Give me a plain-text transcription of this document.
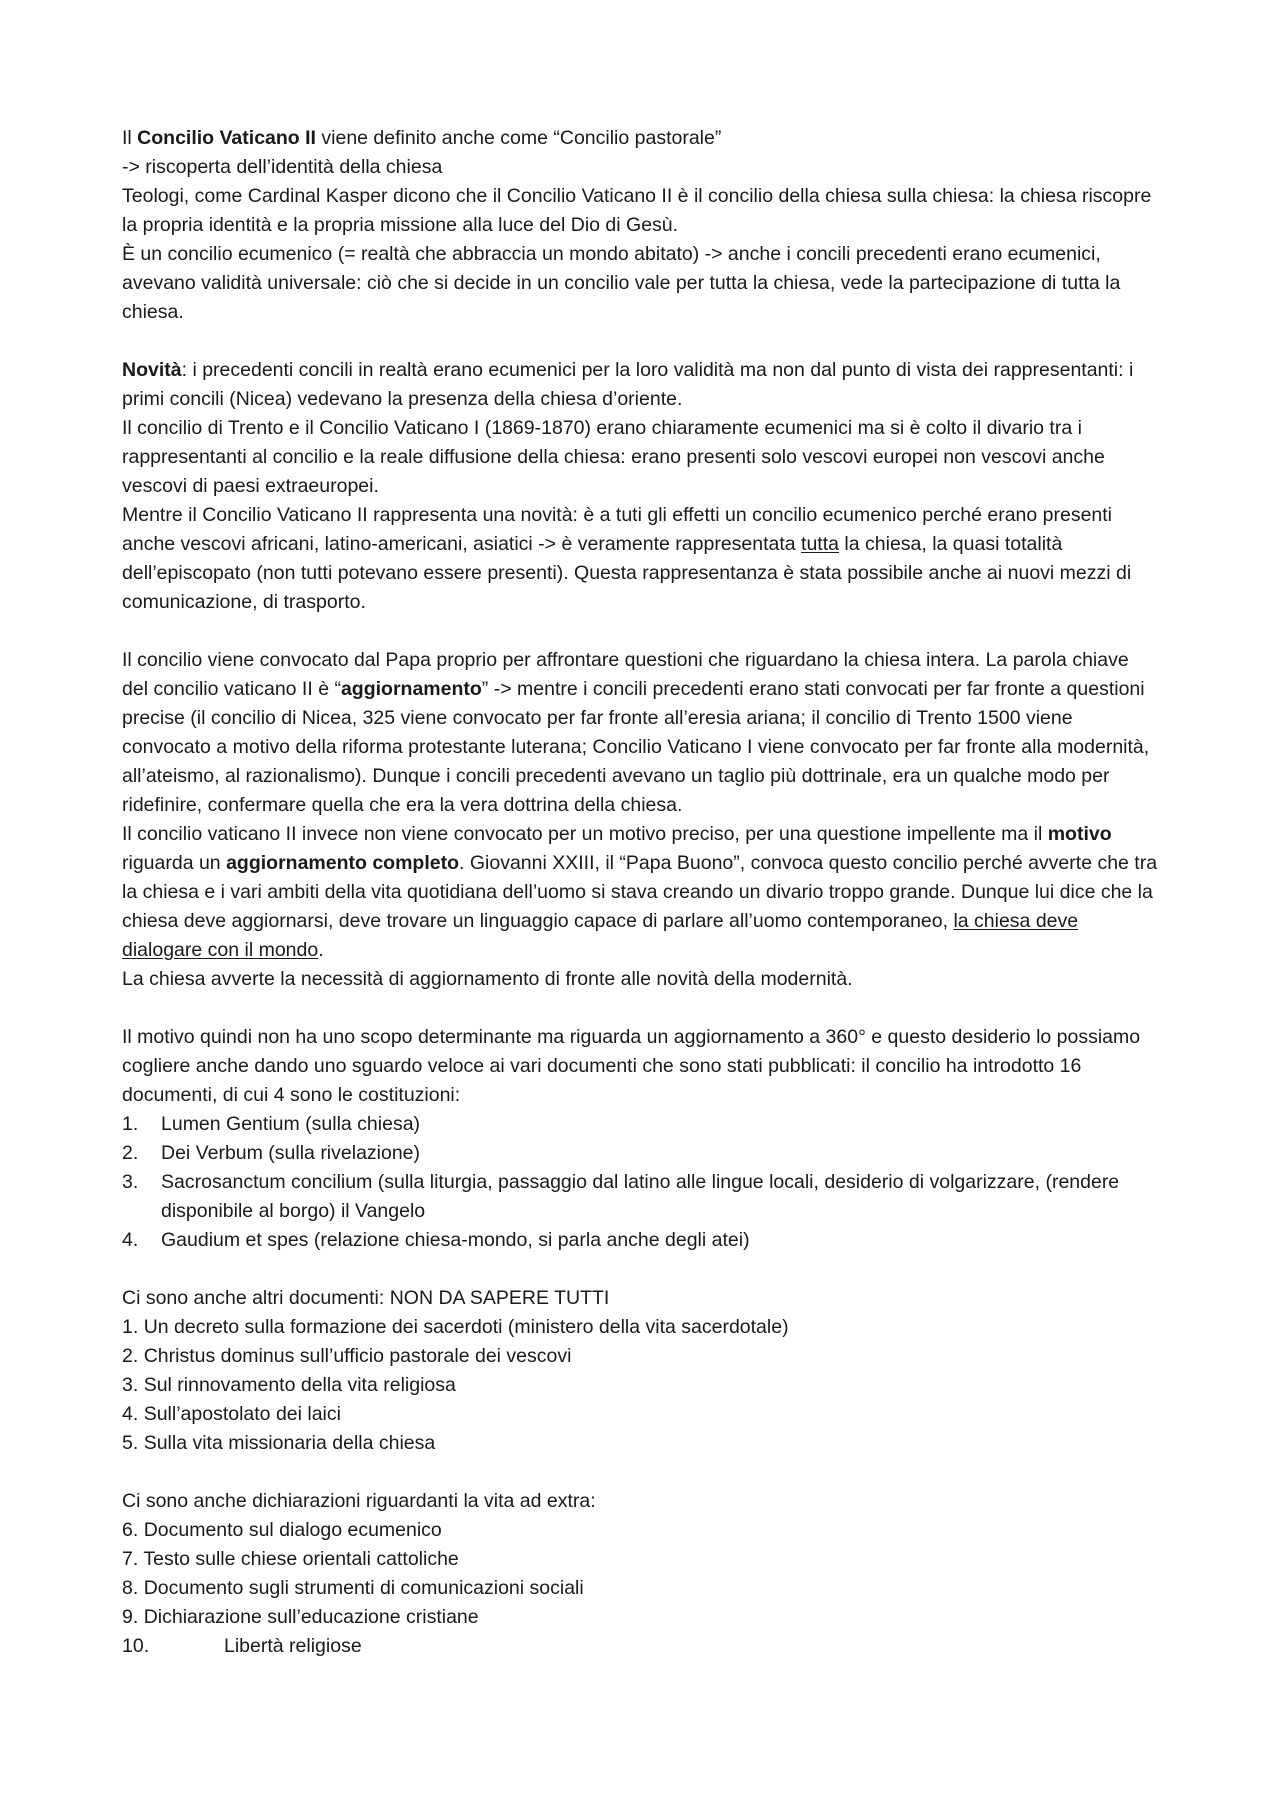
Il Concilio Vaticano II viene definito anche come “Concilio pastorale”

-> riscoperta dell’identità della chiesa

Teologi, come Cardinal Kasper dicono che il Concilio Vaticano II è il concilio della chiesa sulla chiesa: la chiesa riscopre la propria identità e la propria missione alla luce del Dio di Gesù.

È un concilio ecumenico (= realtà che abbraccia un mondo abitato) -> anche i concili precedenti erano ecumenici, avevano validità universale: ciò che si decide in un concilio vale per tutta la chiesa, vede la partecipazione di tutta la chiesa.

Novità: i precedenti concili in realtà erano ecumenici per la loro validità ma non dal punto di vista dei rappresentanti: i primi concili (Nicea) vedevano la presenza della chiesa d’oriente.

Il concilio di Trento e il Concilio Vaticano I (1869-1870) erano chiaramente ecumenici ma si è colto il divario tra i rappresentanti al concilio e la reale diffusione della chiesa: erano presenti solo vescovi europei non vescovi anche vescovi di paesi extraeuropei.

Mentre il Concilio Vaticano II rappresenta una novità: è a tuti gli effetti un concilio ecumenico perché erano presenti anche vescovi africani, latino-americani, asiatici -> è veramente rappresentata tutta la chiesa, la quasi totalità dell’episcopato (non tutti potevano essere presenti). Questa rappresentanza è stata possibile anche ai nuovi mezzi di comunicazione, di trasporto.

Il concilio viene convocato dal Papa proprio per affrontare questioni che riguardano la chiesa intera. La parola chiave del concilio vaticano II è “aggiornamento” -> mentre i concili precedenti erano stati convocati per far fronte a questioni precise (il concilio di Nicea, 325 viene convocato per far fronte all’eresia ariana; il concilio di Trento 1500 viene convocato a motivo della riforma protestante luterana; Concilio Vaticano I viene convocato per far fronte alla modernità, all’ateismo, al razionalismo). Dunque i concili precedenti avevano un taglio più dottrinale, era un qualche modo per ridefinire, confermare quella che era la vera dottrina della chiesa.

Il concilio vaticano II invece non viene convocato per un motivo preciso, per una questione impellente ma il motivo riguarda un aggiornamento completo. Giovanni XXIII, il “Papa Buono”, convoca questo concilio perché avverte che tra la chiesa e i vari ambiti della vita quotidiana dell’uomo si stava creando un divario troppo grande. Dunque lui dice che la chiesa deve aggiornarsi, deve trovare un linguaggio capace di parlare all’uomo contemporaneo, la chiesa deve dialogare con il mondo.

La chiesa avverte la necessità di aggiornamento di fronte alle novità della modernità.

Il motivo quindi non ha uno scopo determinante ma riguarda un aggiornamento a 360° e questo desiderio lo possiamo cogliere anche dando uno sguardo veloce ai vari documenti che sono stati pubblicati: il concilio ha introdotto 16 documenti, di cui 4 sono le costituzioni:

1. Lumen Gentium (sulla chiesa)
2. Dei Verbum (sulla rivelazione)
3. Sacrosanctum concilium (sulla liturgia, passaggio dal latino alle lingue locali, desiderio di volgarizzare, (rendere disponibile al borgo) il Vangelo
4. Gaudium et spes (relazione chiesa-mondo, si parla anche degli atei)

Ci sono anche altri documenti: NON DA SAPERE TUTTI

1. Un decreto sulla formazione dei sacerdoti (ministero della vita sacerdotale)
2. Christus dominus sull’ufficio pastorale dei vescovi
3. Sul rinnovamento della vita religiosa
4. Sull’apostolato dei laici
5. Sulla vita missionaria della chiesa

Ci sono anche dichiarazioni riguardanti la vita ad extra:

6. Documento sul dialogo ecumenico
7. Testo sulle chiese orientali cattoliche
8. Documento sugli strumenti di comunicazioni sociali
9. Dichiarazione sull’educazione cristiane
10.	Libertà religiose
